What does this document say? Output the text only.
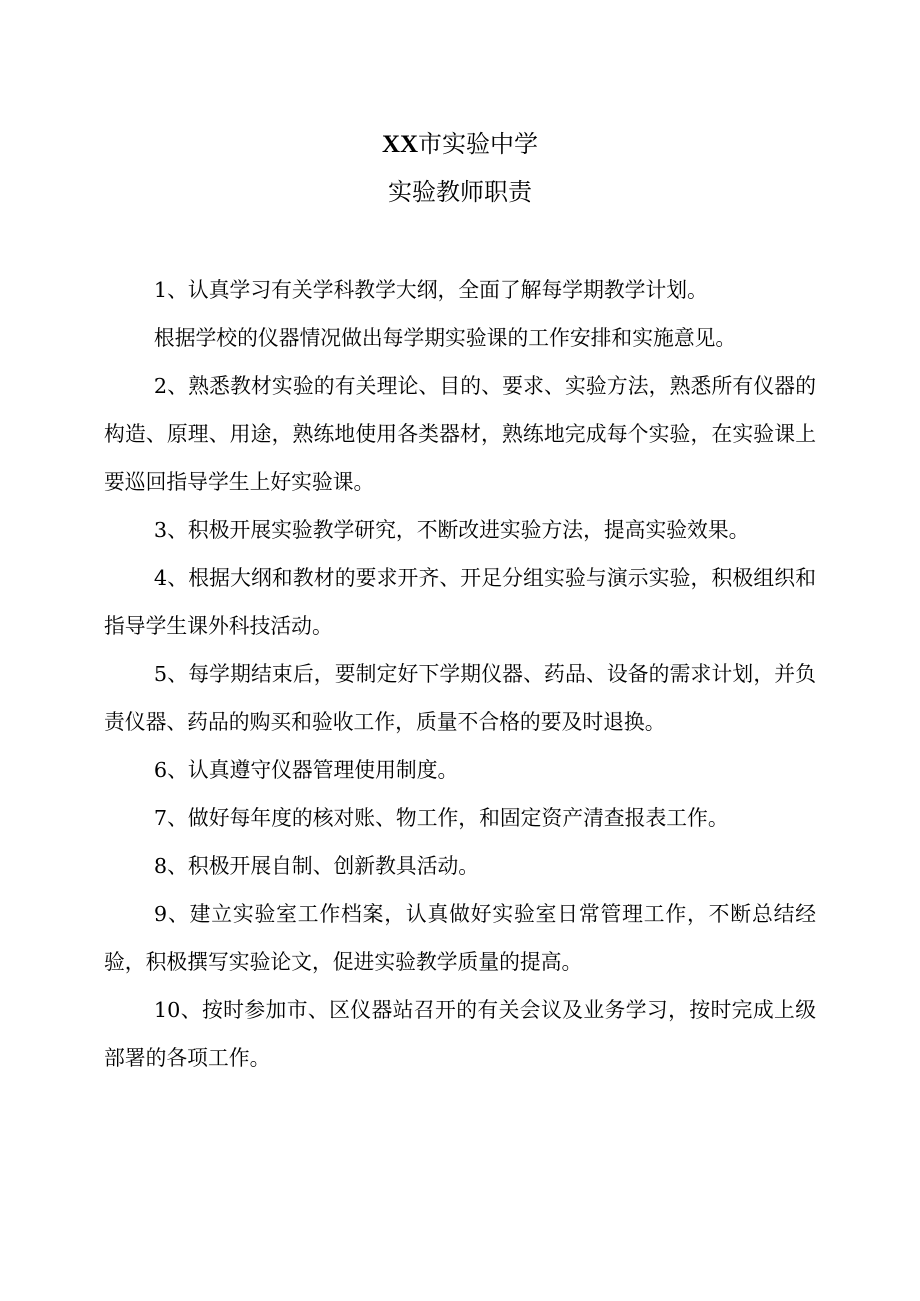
XX市实验中学
实验教师职责

1、认真学习有关学科教学大纲，全面了解每学期教学计划。

根据学校的仪器情况做出每学期实验课的工作安排和实施意见。

2、熟悉教材实验的有关理论、目的、要求、实验方法，熟悉所有仪器的构造、原理、用途，熟练地使用各类器材，熟练地完成每个实验，在实验课上要巡回指导学生上好实验课。

3、积极开展实验教学研究，不断改进实验方法，提高实验效果。

4、根据大纲和教材的要求开齐、开足分组实验与演示实验，积极组织和指导学生课外科技活动。

5、每学期结束后，要制定好下学期仪器、药品、设备的需求计划，并负责仪器、药品的购买和验收工作，质量不合格的要及时退换。

6、认真遵守仪器管理使用制度。

7、做好每年度的核对账、物工作，和固定资产清查报表工作。

8、积极开展自制、创新教具活动。

9、建立实验室工作档案，认真做好实验室日常管理工作，不断总结经验，积极撰写实验论文，促进实验教学质量的提高。

10、按时参加市、区仪器站召开的有关会议及业务学习，按时完成上级部署的各项工作。
